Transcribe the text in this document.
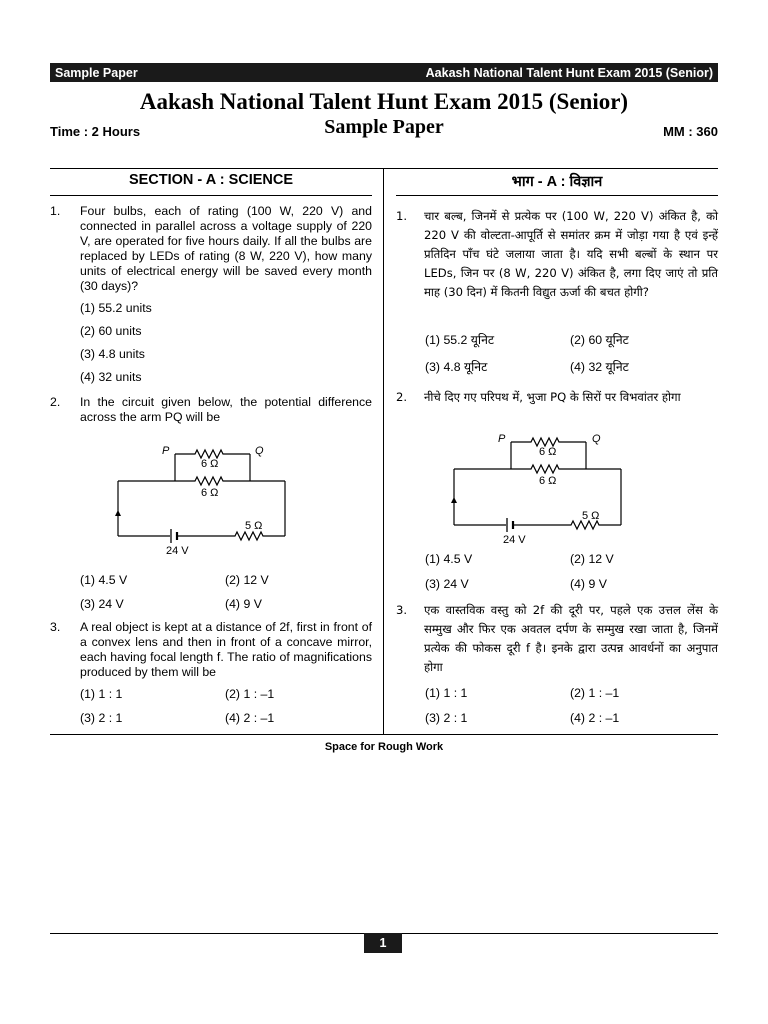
Sample Paper	Aakash National Talent Hunt Exam 2015 (Senior)
Aakash National Talent Hunt Exam 2015 (Senior)
Sample Paper
Time : 2 Hours	MM : 360
SECTION - A : SCIENCE	भाग - A : विज्ञान
1. Four bulbs, each of rating (100 W, 220 V) and connected in parallel across a voltage supply of 220 V, are operated for five hours daily. If all the bulbs are replaced by LEDs of rating (8 W, 220 V), how many units of electrical energy will be saved every month (30 days)?
(1) 55.2 units
(2) 60 units
(3) 4.8 units
(4) 32 units
2. In the circuit given below, the potential difference across the arm PQ will be
P	Q
6 Ω
6 Ω
5 Ω
24 V
(1) 4.5 V	(2) 12 V
(3) 24 V	(4) 9 V
3. A real object is kept at a distance of 2f, first in front of a convex lens and then in front of a concave mirror, each having focal length f. The ratio of magnifications produced by them will be
(1) 1 : 1	(2) 1 : –1
(3) 2 : 1	(4) 2 : –1
1. चार बल्ब, जिनमें से प्रत्येक पर (100 W, 220 V) अंकित है, को 220 V की वोल्टता-आपूर्ति से समांतर क्रम में जोड़ा गया है एवं इन्हें प्रतिदिन पाँच घंटे जलाया जाता है। यदि सभी बल्बों के स्थान पर LEDs, जिन पर (8 W, 220 V) अंकित है, लगा दिए जाएं तो प्रति माह (30 दिन) में कितनी विद्युत ऊर्जा की बचत होगी?
(1) 55.2 यूनिट	(2) 60 यूनिट
(3) 4.8 यूनिट	(4) 32 यूनिट
2. नीचे दिए गए परिपथ में, भुजा PQ के सिरों पर विभवांतर होगा
P	Q
6 Ω
6 Ω
5 Ω
24 V
(1) 4.5 V	(2) 12 V
(3) 24 V	(4) 9 V
3. एक वास्तविक वस्तु को 2f की दूरी पर, पहले एक उत्तल लेंस के सम्मुख और फिर एक अवतल दर्पण के सम्मुख रखा जाता है, जिनमें प्रत्येक की फोकस दूरी f है। इनके द्वारा उत्पन्न आवर्धनों का अनुपात होगा
(1) 1 : 1	(2) 1 : –1
(3) 2 : 1	(4) 2 : –1
Space for Rough Work
1
